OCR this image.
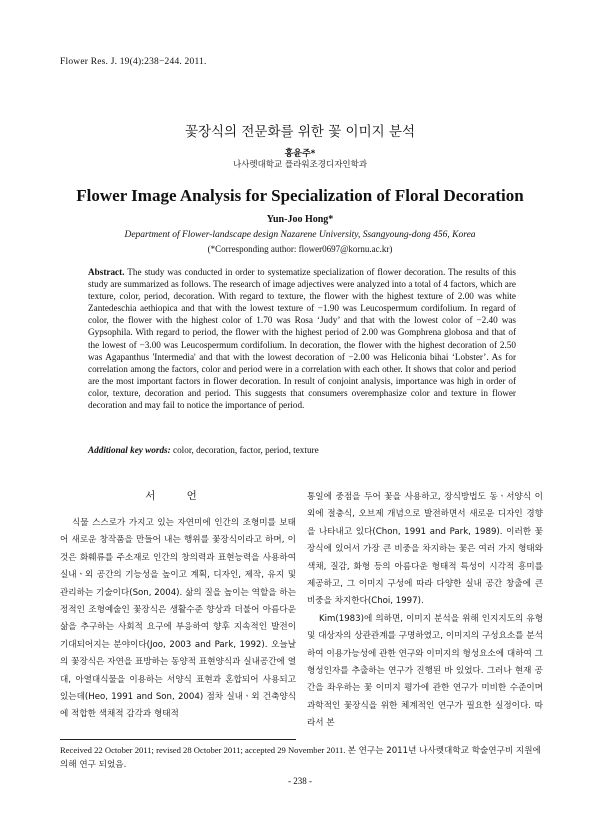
Flower Res. J. 19(4):238−244. 2011.
꽃장식의 전문화를 위한 꽃 이미지 분석
홍윤주*
나사렛대학교 플라워조경디자인학과
Flower Image Analysis for Specialization of Floral Decoration
Yun-Joo Hong*
Department of Flower-landscape design Nazarene University, Ssangyoung-dong 456, Korea
(*Corresponding author: flower0697@kornu.ac.kr)
Abstract. The study was conducted in order to systematize specialization of flower decoration. The results of this study are summarized as follows. The research of image adjectives were analyzed into a total of 4 factors, which are texture, color, period, decoration. With regard to texture, the flower with the highest texture of 2.00 was white Zantedeschia aethiopica and that with the lowest texture of −1.90 was Leucospermum cordifolium. In regard of color, the flower with the highest color of 1.70 was Rosa ‘Judy’ and that with the lowest color of −2.40 was Gypsophila. With regard to period, the flower with the highest period of 2.00 was Gomphrena globosa and that of the lowest of −3.00 was Leucospermum cordifolium. In decoration, the flower with the highest decoration of 2.50 was Agapanthus 'Intermedia' and that with the lowest decoration of −2.00 was Heliconia bihai ‘Lobster’. As for correlation among the factors, color and period were in a correlation with each other. It shows that color and period are the most important factors in flower decoration. In result of conjoint analysis, importance was high in order of color, texture, decoration and period. This suggests that consumers overemphasize color and texture in flower decoration and may fail to notice the importance of period.
Additional key words: color, decoration, factor, period, texture
서 언

식물 스스로가 가지고 있는 자연미에 인간의 조형미를 보태어 새로운 창작품을 만들어 내는 행위를 꽃장식이라고 하며, 이것은 화훼류를 주소재로 인간의 창의력과 표현능력을 사용하여 실내ㆍ외 공간의 기능성을 높이고 계획, 디자인, 제작, 유지 및 관리하는 기술이다(Son, 2004). 삶의 질을 높이는 역할을 하는 정적인 조형예술인 꽃장식은 생활수준 향상과 더불어 아름다운 삶을 추구하는 사회적 요구에 부응하여 향후 지속적인 발전이 기대되어지는 분야이다(Joo, 2003 and Park, 1992). 오늘날의 꽃장식은 자연을 표방하는 동양적 표현양식과 실내공간에 열대, 아열대식물을 이용하는 서양식 표현과 혼합되어 사용되고 있는데(Heo, 1991 and Son, 2004) 점차 실내ㆍ외 건축양식에 적합한 색채적 감각과 형태적

통일에 중점을 두어 꽃을 사용하고, 장식방법도 동ㆍ서양식 이외에 절충식, 오브제 개념으로 발전하면서 새로운 디자인 경향을 나타내고 있다(Chon, 1991 and Park, 1989). 이러한 꽃장식에 있어서 가장 큰 비중을 차지하는 꽃은 여러 가지 형태와 색채, 질감, 화형 등의 아름다운 형태적 특성이 시각적 흥미를 제공하고, 그 이미지 구성에 따라 다양한 실내 공간 창출에 큰 비중을 차지한다(Choi, 1997).

Kim(1983)에 의하면, 이미지 분석을 위해 인지지도의 유형 및 대상자의 상관관계를 구명하였고, 이미지의 구성요소를 분석하여 이용가능성에 관한 연구와 이미지의 형성요소에 대하여 그 형성인자를 추출하는 연구가 진행된 바 있었다. 그러나 현재 공간을 좌우하는 꽃 이미지 평가에 관한 연구가 미비한 수준이며 과학적인 꽃장식을 위한 체계적인 연구가 필요한 실정이다. 따라서 본

Received 22 October 2011; revised 28 October 2011; accepted 29 November 2011. 본 연구는 2011년 나사렛대학교 학술연구비 지원에 의해 연구 되었음.
- 238 -
